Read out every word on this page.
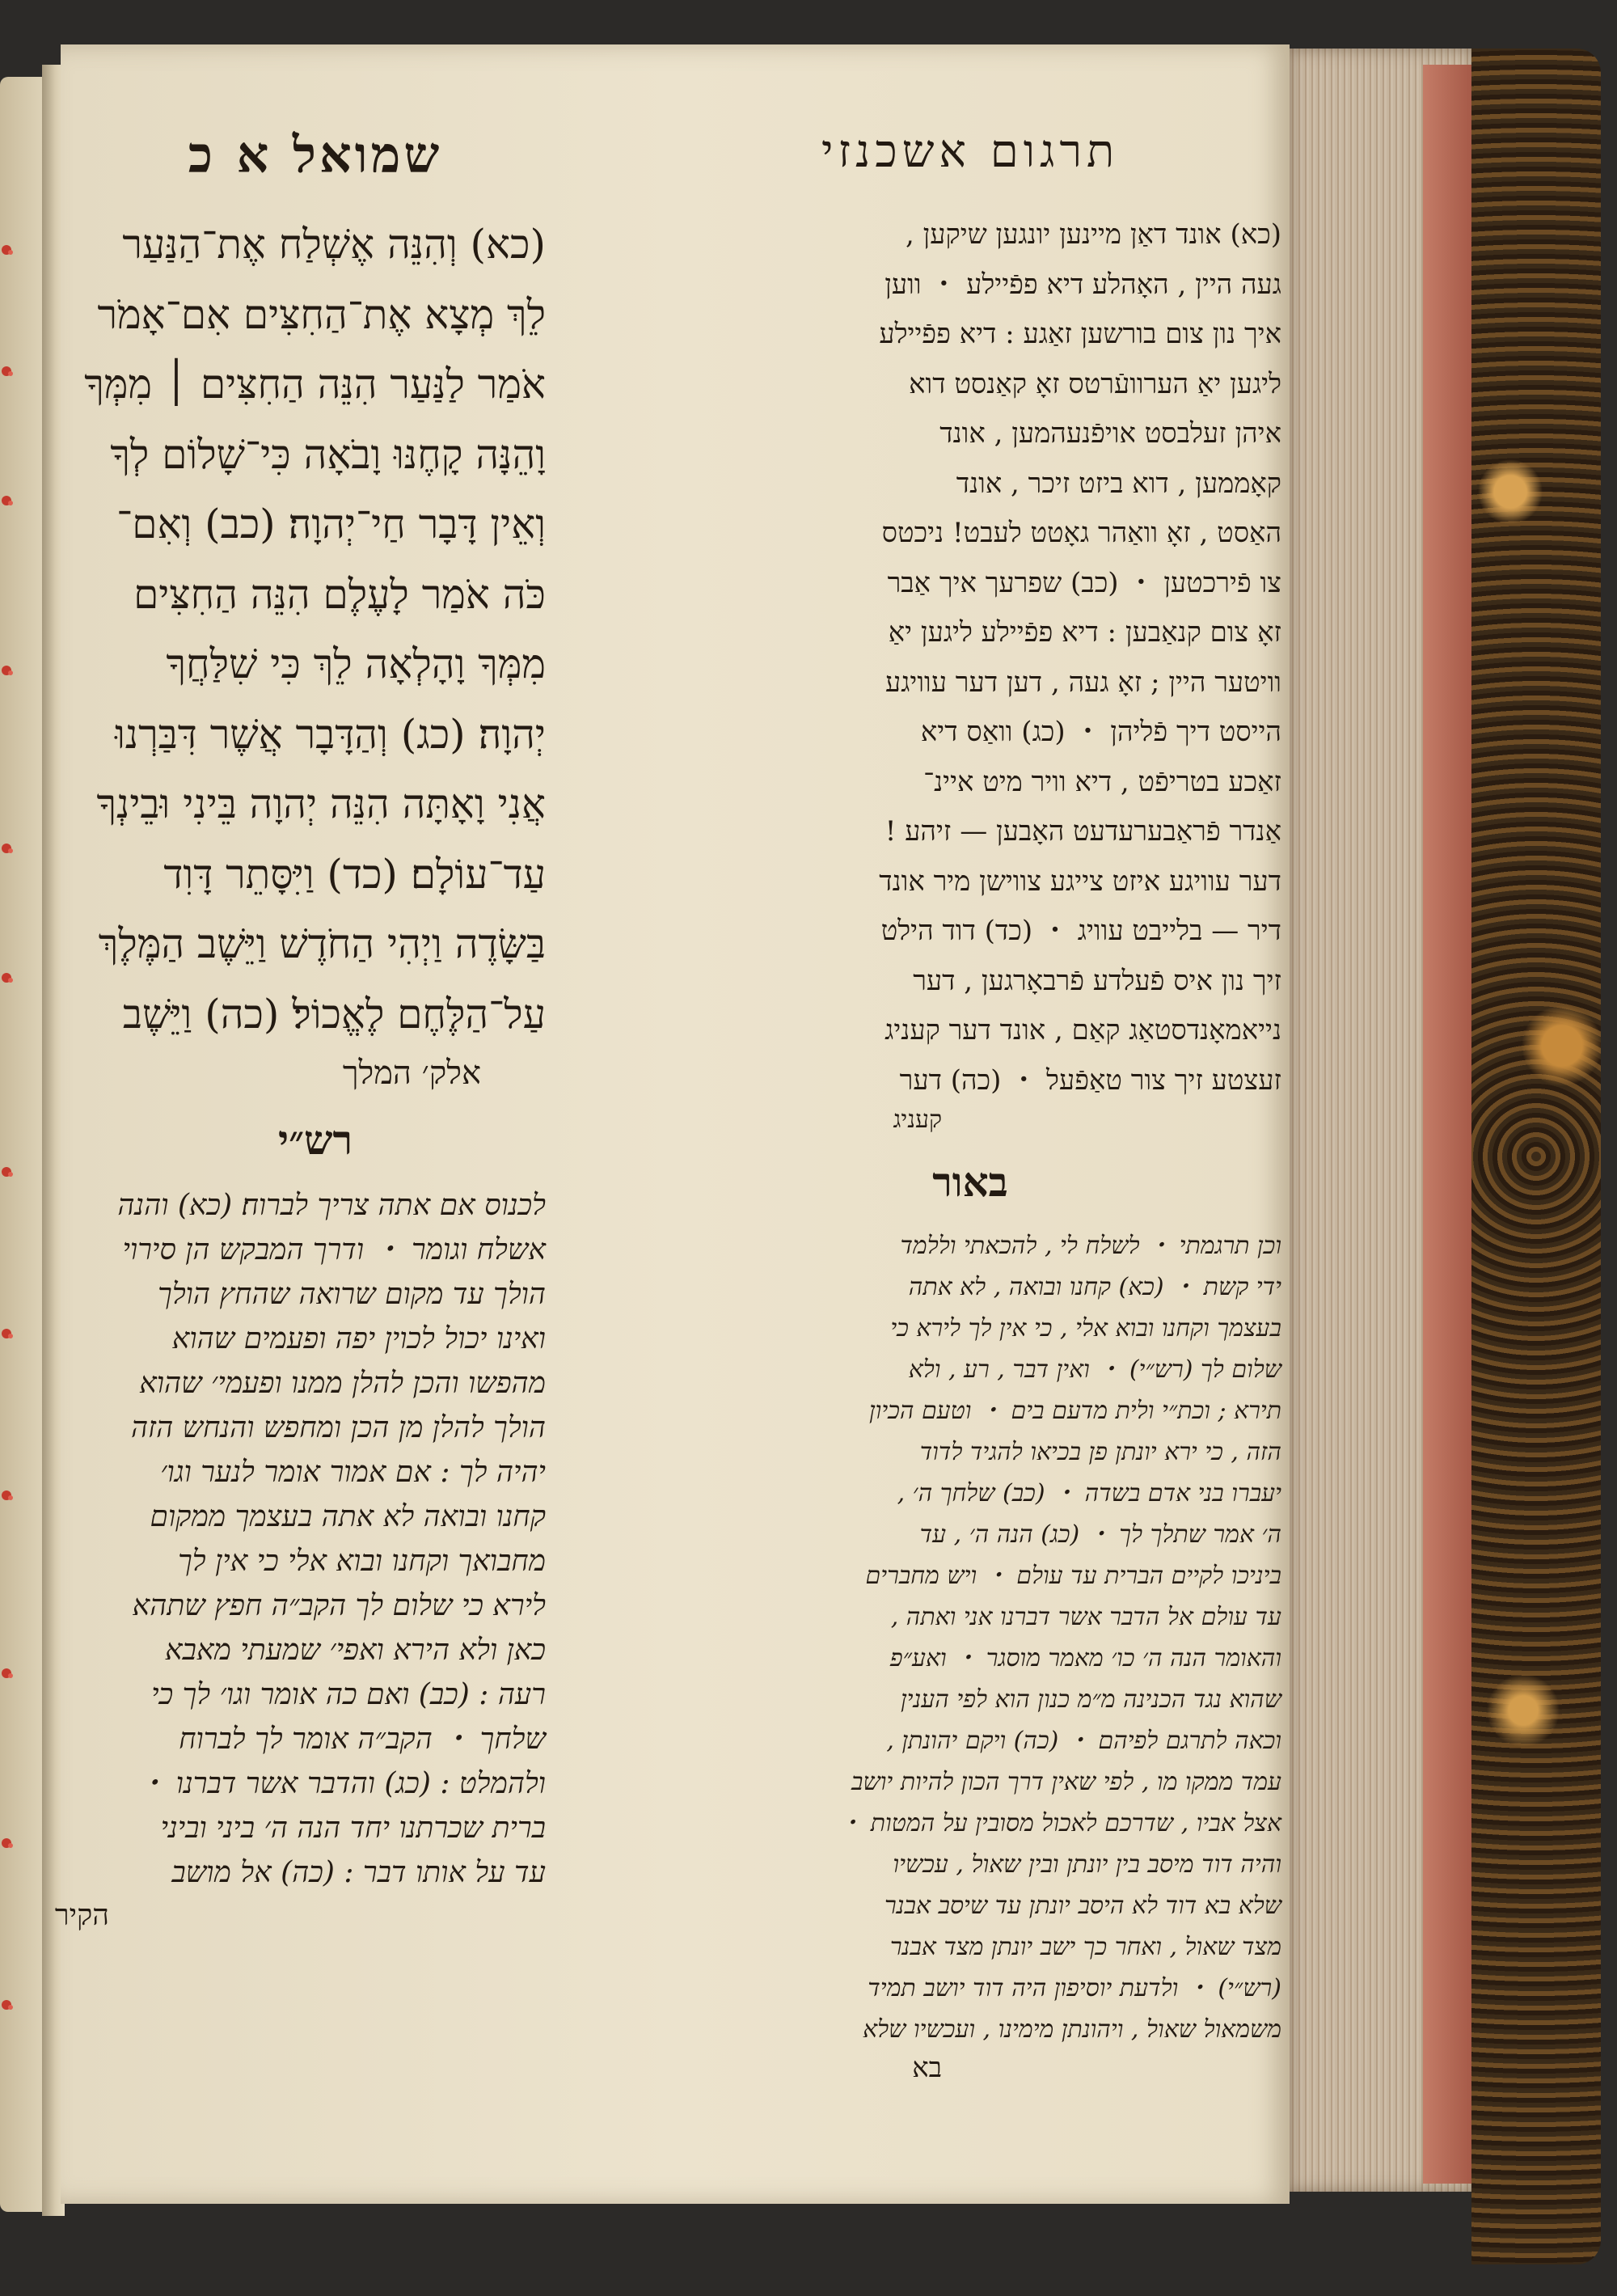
שמואל א כ
(כא) וְהִנֵּה אֶשְׁלַח אֶת־הַנַּעַר
לֵךְ מְצָא אֶת־הַחִצִּים אִם־אָמֹר
אֹמַר לַנַּעַר הִנֵּה הַחִצִּים ׀ מִמְּךָ
וָהֵנָּה קָחֶנּוּ וָבֹאָה כִּי־שָׁלוֹם לְךָ
וְאֵין דָּבָר חַי־יְהוָה׃ (כב) וְאִם־
כֹּה אֹמַר לָעֶלֶם הִנֵּה הַחִצִּים
מִמְּךָ וָהָלְאָה לֵךְ כִּי שִׁלַּחֲךָ
יְהוָה׃ (כג) וְהַדָּבָר אֲשֶׁר דִּבַּרְנוּ
אֲנִי וָאָתָּה הִנֵּה יְהוָה בֵּינִי וּבֵינְךָ
עַד־עוֹלָם׃ (כד) וַיִּסָּתֵר דָּוִד
בַּשָּׂדֶה וַיְהִי הַחֹדֶשׁ וַיֵּשֶׁב הַמֶּלֶךְ
עַל־הַלֶּחֶם לֶאֱכוֹל׃ (כה) וַיֵּשֶׁב
אלק׳ המלך
רש״י
לכנוס אם אתה צריך לברוח׃ (כא) והנה
אשלח וגומר ・ ודרך המבקש הן סירוי
הולך עד מקום שרואה שהחץ הולך
ואינו יכול לכוין יפה ופעמים שהוא
מהפשו והכן להלן ממנו ופעמי׳ שהוא
הולך להלן מן הכן ומחפש והנחש הזה
יהיה לך : אם אמור אומר לנער וגו׳
קחנו ובואה לא אתה בעצמך ממקום
מחבואך וקחנו ובוא אלי כי אין לך
לירא כי שלום לך הקב״ה חפץ שתהא
כאן ולא הירא ואפי׳ שמעתי מאבא
רעה : (כב) ואם כה אומר וגו׳ לך כי
שלחך ・ הקב״ה אומר לך לברוח
ולהמלט : (כג) והדבר אשר דברנו ・
ברית שכרתנו יחד הנה ה׳ ביני וביני
עד על אותו דבר : (כה) אל מושב
הקיר
תרגום אשכנזי
(כא) אונד דאַן מיינען יונגען שיקען ,
געה היין , האָהלע דיא פפֿיילע ・ ווען
איך נון צום בורשען זאַגע : דיא פפֿיילע
ליגען יאַ הערוועֿרטס זאָ קאַנסט דוא
איהן זעלבסט אויפֿנעהמען , אונד
קאָממען , דוא ביזט זיכר , אונד
האַסט , זאָ וואַהר גאָטט לעבט! ניכטס
צו פֿירכטען ・ (כב) שפרעך איך אַבר
זאָ צום קנאַבען : דיא פפֿיילע ליגען יאַ
וויטער היין ; זאָ געה , דען דער עוויגע
הייסט דיך פֿליהן ・ (כג) וואַס דיא
זאַכע בטריפֿט , דיא וויר מיט איינ־
אַנדר פֿראַבערעדעט האָבען — זיהע !
דער עוויגע איזט צייגע צווישן מיר אונד
דיר — בלייבט עוויג ・ (כד) דוד הילט
זיך נון איס פֿעלדע פֿרבאָרגען , דער
נייאמאָנדסטאַג קאַם , אונד דער קעניג
זעצטע זיך צור טאַפֿעל ・ (כה) דער
קעניג
באור
וכן תרגמתי ・ לשלח לי , להכאתי וללמד
ידי קשת ・ (כא) קחנו ובואה , לא אתה
בעצמך וקחנו ובוא אלי , כי אין לך לירא כי
שלום לך (רש״י) ・ ואין דבר , רע , ולא
תירא ; וכת״י ולית מדעם בים ・ וטעם הכיון
הזה , כי ירא יונתן פן בכיאו להגיד לדוד
יעברו בני אדם בשדה ・ (כב) שלחך ה׳ ,
ה׳ אמר שתלך לך ・ (כג) הנה ה׳ , עד
ביניכו לקיים הברית עד עולם ・ ויש מחברים
עד עולם אל הדבר אשר דברנו אני ואתה ,
והאומר הנה ה׳ כו׳ מאמר מוסגר ・ ואע״פ
שהוא נגד הכנינה מ״מ כנון הוא לפי הענין
וכאה לתרגם לפיהם ・ (כה) ויקם יהונתן ,
עמד ממקו מו , לפי שאין דרך הכון להיות יושב
אצל אביו , שדרכם לאכול מסובין על המטות ・
והיה דוד מיסב בין יונתן ובין שאול , עכשיו
שלא בא דוד לא היסב יונתן עד שיסב אבנר
מצד שאול , ואחר כך ישב יונתן מצד אבנר
(רש״י) ・ ולדעת יוסיפון היה דוד יושב תמיד
משמאול שאול , ויהונתן מימינו , ועכשיו שלא
בא
